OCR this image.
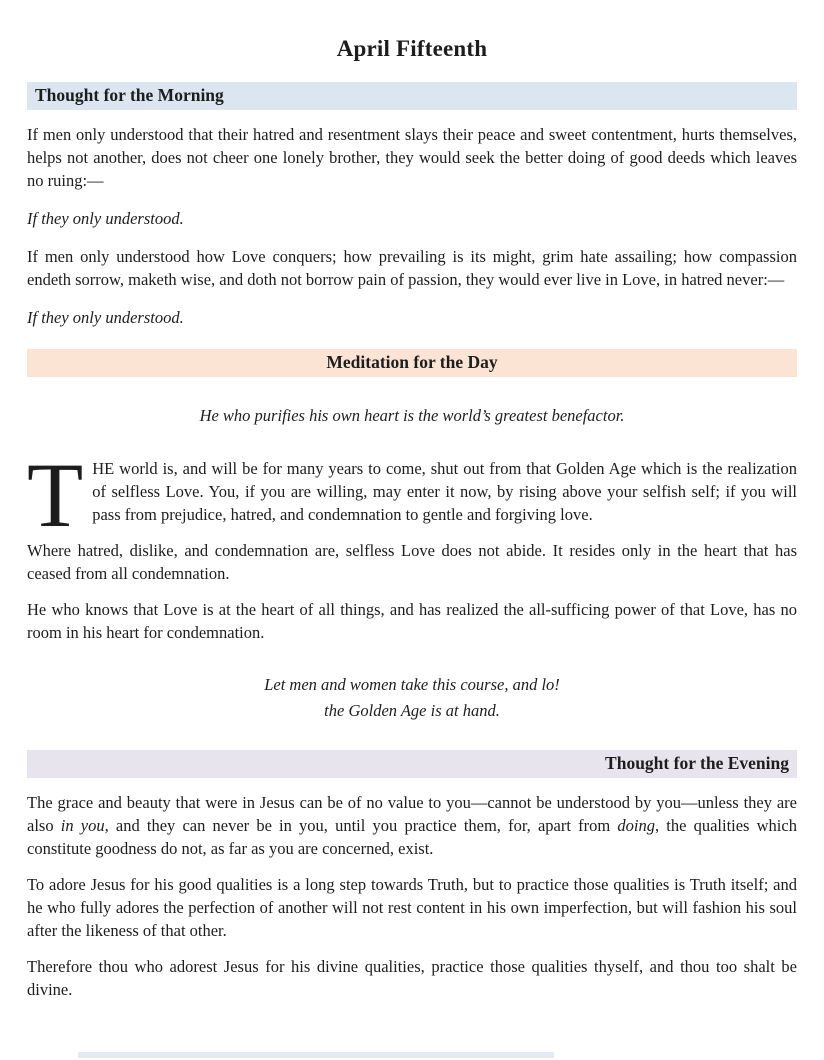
April Fifteenth
Thought for the Morning

If men only understood that their hatred and resentment slays their peace and sweet contentment, hurts themselves, helps not another, does not cheer one lonely brother, they would seek the better doing of good deeds which leaves no ruing:—

If they only understood.

If men only understood how Love conquers; how prevailing is its might, grim hate assailing; how compassion endeth sorrow, maketh wise, and doth not borrow pain of passion, they would ever live in Love, in hatred never:—

If they only understood.

Meditation for the Day

He who purifies his own heart is the world’s greatest benefactor.

THE world is, and will be for many years to come, shut out from that Golden Age which is the realization of selfless Love. You, if you are willing, may enter it now, by rising above your selfish self; if you will pass from prejudice, hatred, and condemnation to gentle and forgiving love.

Where hatred, dislike, and condemnation are, selfless Love does not abide. It resides only in the heart that has ceased from all condemnation.

He who knows that Love is at the heart of all things, and has realized the all-sufficing power of that Love, has no room in his heart for condemnation.

Let men and women take this course, and lo!
the Golden Age is at hand.

Thought for the Evening

The grace and beauty that were in Jesus can be of no value to you—cannot be understood by you—unless they are also in you, and they can never be in you, until you practice them, for, apart from doing, the qualities which constitute goodness do not, as far as you are concerned, exist.

To adore Jesus for his good qualities is a long step towards Truth, but to practice those qualities is Truth itself; and he who fully adores the perfection of another will not rest content in his own imperfection, but will fashion his soul after the likeness of that other.

Therefore thou who adorest Jesus for his divine qualities, practice those qualities thyself, and thou too shalt be divine.
